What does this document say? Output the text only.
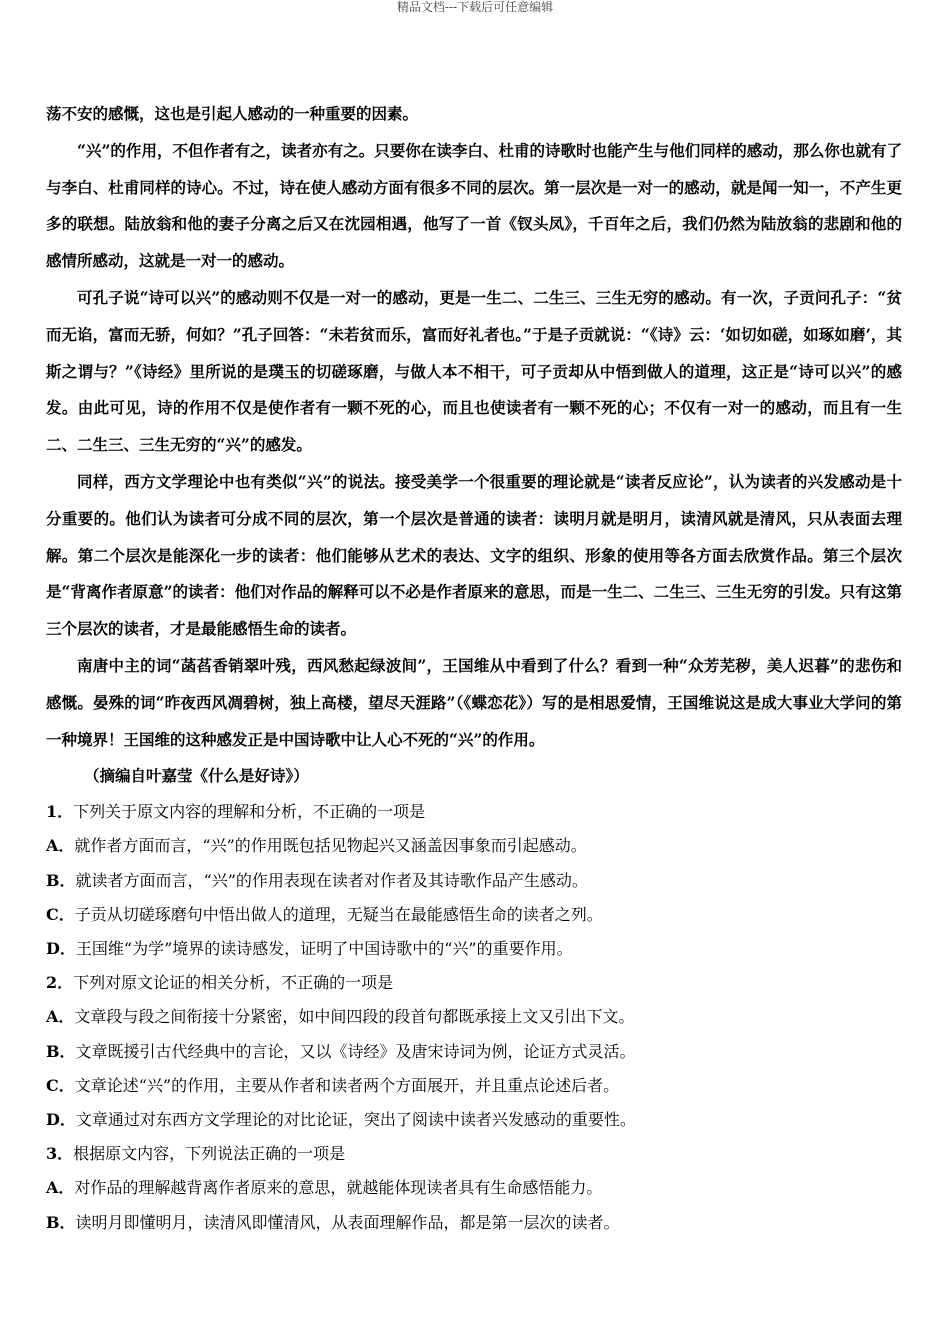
精品文档---下载后可任意编辑

荡不安的感慨，这也是引起人感动的一种重要的因素。

“兴”的作用，不但作者有之，读者亦有之。只要你在读李白、杜甫的诗歌时也能产生与他们同样的感动，那么你也就有了与李白、杜甫同样的诗心。不过，诗在使人感动方面有很多不同的层次。第一层次是一对一的感动，就是闻一知一，不产生更多的联想。陆放翁和他的妻子分离之后又在沈园相遇，他写了一首《钗头凤》，千百年之后，我们仍然为陆放翁的悲剧和他的感情所感动，这就是一对一的感动。

可孔子说“诗可以兴”的感动则不仅是一对一的感动，更是一生二、二生三、三生无穷的感动。有一次，子贡问孔子：“贫而无谄，富而无骄，何如？”孔子回答：“未若贫而乐，富而好礼者也。”于是子贡就说：“《诗》云：‘如切如磋，如琢如磨’，其斯之谓与？”《诗经》里所说的是璞玉的切磋琢磨，与做人本不相干，可子贡却从中悟到做人的道理，这正是“诗可以兴”的感发。由此可见，诗的作用不仅是使作者有一颗不死的心，而且也使读者有一颗不死的心；不仅有一对一的感动，而且有一生二、二生三、三生无穷的“兴”的感发。

同样，西方文学理论中也有类似“兴”的说法。接受美学一个很重要的理论就是“读者反应论”，认为读者的兴发感动是十分重要的。他们认为读者可分成不同的层次，第一个层次是普通的读者：读明月就是明月，读清风就是清风，只从表面去理解。第二个层次是能深化一步的读者：他们能够从艺术的表达、文字的组织、形象的使用等各方面去欣赏作品。第三个层次是“背离作者原意”的读者：他们对作品的解释可以不必是作者原来的意思，而是一生二、二生三、三生无穷的引发。只有这第三个层次的读者，才是最能感悟生命的读者。

南唐中主的词“菡萏香销翠叶残，西风愁起绿波间”，王国维从中看到了什么？看到一种“众芳芜秽，美人迟暮”的悲伤和感慨。晏殊的词“昨夜西风凋碧树，独上高楼，望尽天涯路”（《蝶恋花》）写的是相思爱情，王国维说这是成大事业大学问的第一种境界！王国维的这种感发正是中国诗歌中让人心不死的“兴”的作用。

（摘编自叶嘉莹《什么是好诗》）

1．下列关于原文内容的理解和分析，不正确的一项是

A．就作者方面而言，“兴”的作用既包括见物起兴又涵盖因事象而引起感动。

B．就读者方面而言，“兴”的作用表现在读者对作者及其诗歌作品产生感动。

C．子贡从切磋琢磨句中悟出做人的道理，无疑当在最能感悟生命的读者之列。

D．王国维“为学”境界的读诗感发，证明了中国诗歌中的“兴”的重要作用。

2．下列对原文论证的相关分析，不正确的一项是

A．文章段与段之间衔接十分紧密，如中间四段的段首句都既承接上文又引出下文。

B．文章既援引古代经典中的言论，又以《诗经》及唐宋诗词为例，论证方式灵活。

C．文章论述“兴”的作用，主要从作者和读者两个方面展开，并且重点论述后者。

D．文章通过对东西方文学理论的对比论证，突出了阅读中读者兴发感动的重要性。

3．根据原文内容，下列说法正确的一项是

A．对作品的理解越背离作者原来的意思，就越能体现读者具有生命感悟能力。

B．读明月即懂明月，读清风即懂清风，从表面理解作品，都是第一层次的读者。
